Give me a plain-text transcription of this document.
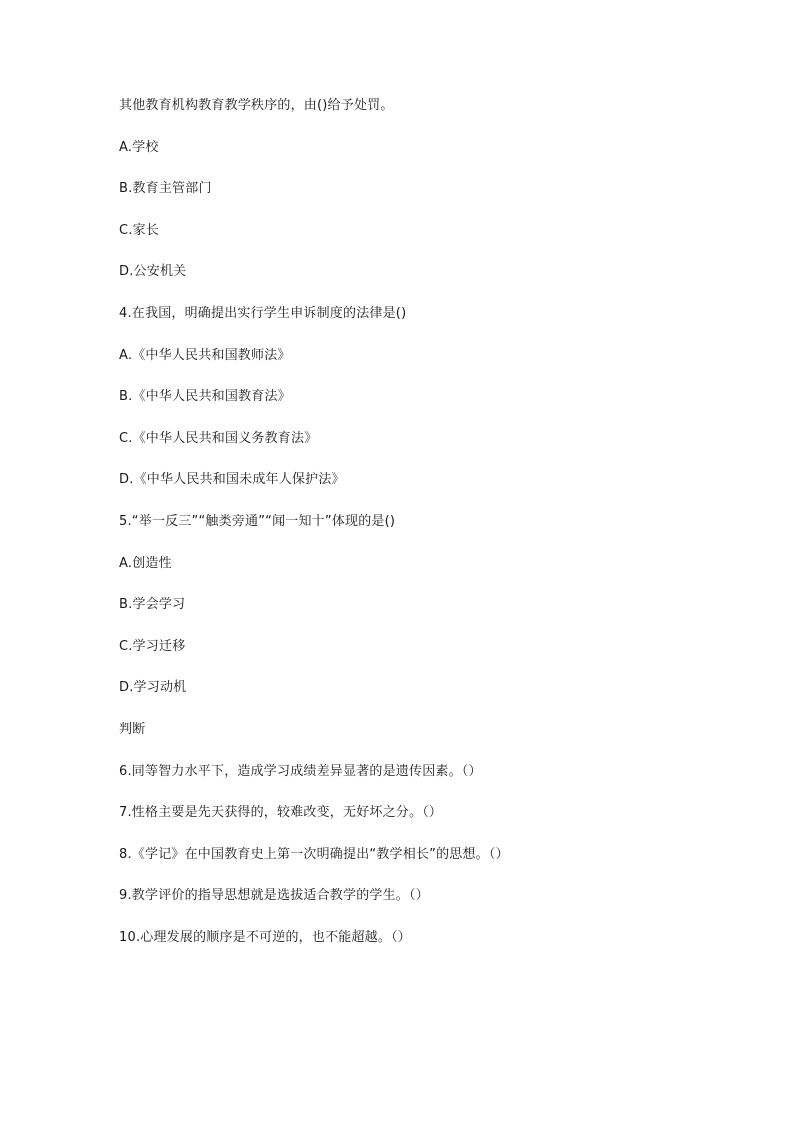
其他教育机构教育教学秩序的，由()给予处罚。

A.学校

B.教育主管部门

C.家长

D.公安机关

4.在我国，明确提出实行学生申诉制度的法律是()

A.《中华人民共和国教师法》

B.《中华人民共和国教育法》

C.《中华人民共和国义务教育法》

D.《中华人民共和国未成年人保护法》

5.“举一反三”“触类旁通”“闻一知十”体现的是()

A.创造性

B.学会学习

C.学习迁移

D.学习动机

判断

6.同等智力水平下，造成学习成绩差异显著的是遗传因素。（）

7.性格主要是先天获得的，较难改变，无好坏之分。（）

8.《学记》在中国教育史上第一次明确提出“教学相长”的思想。（）

9.教学评价的指导思想就是选拔适合教学的学生。（）

10.心理发展的顺序是不可逆的，也不能超越。（）
